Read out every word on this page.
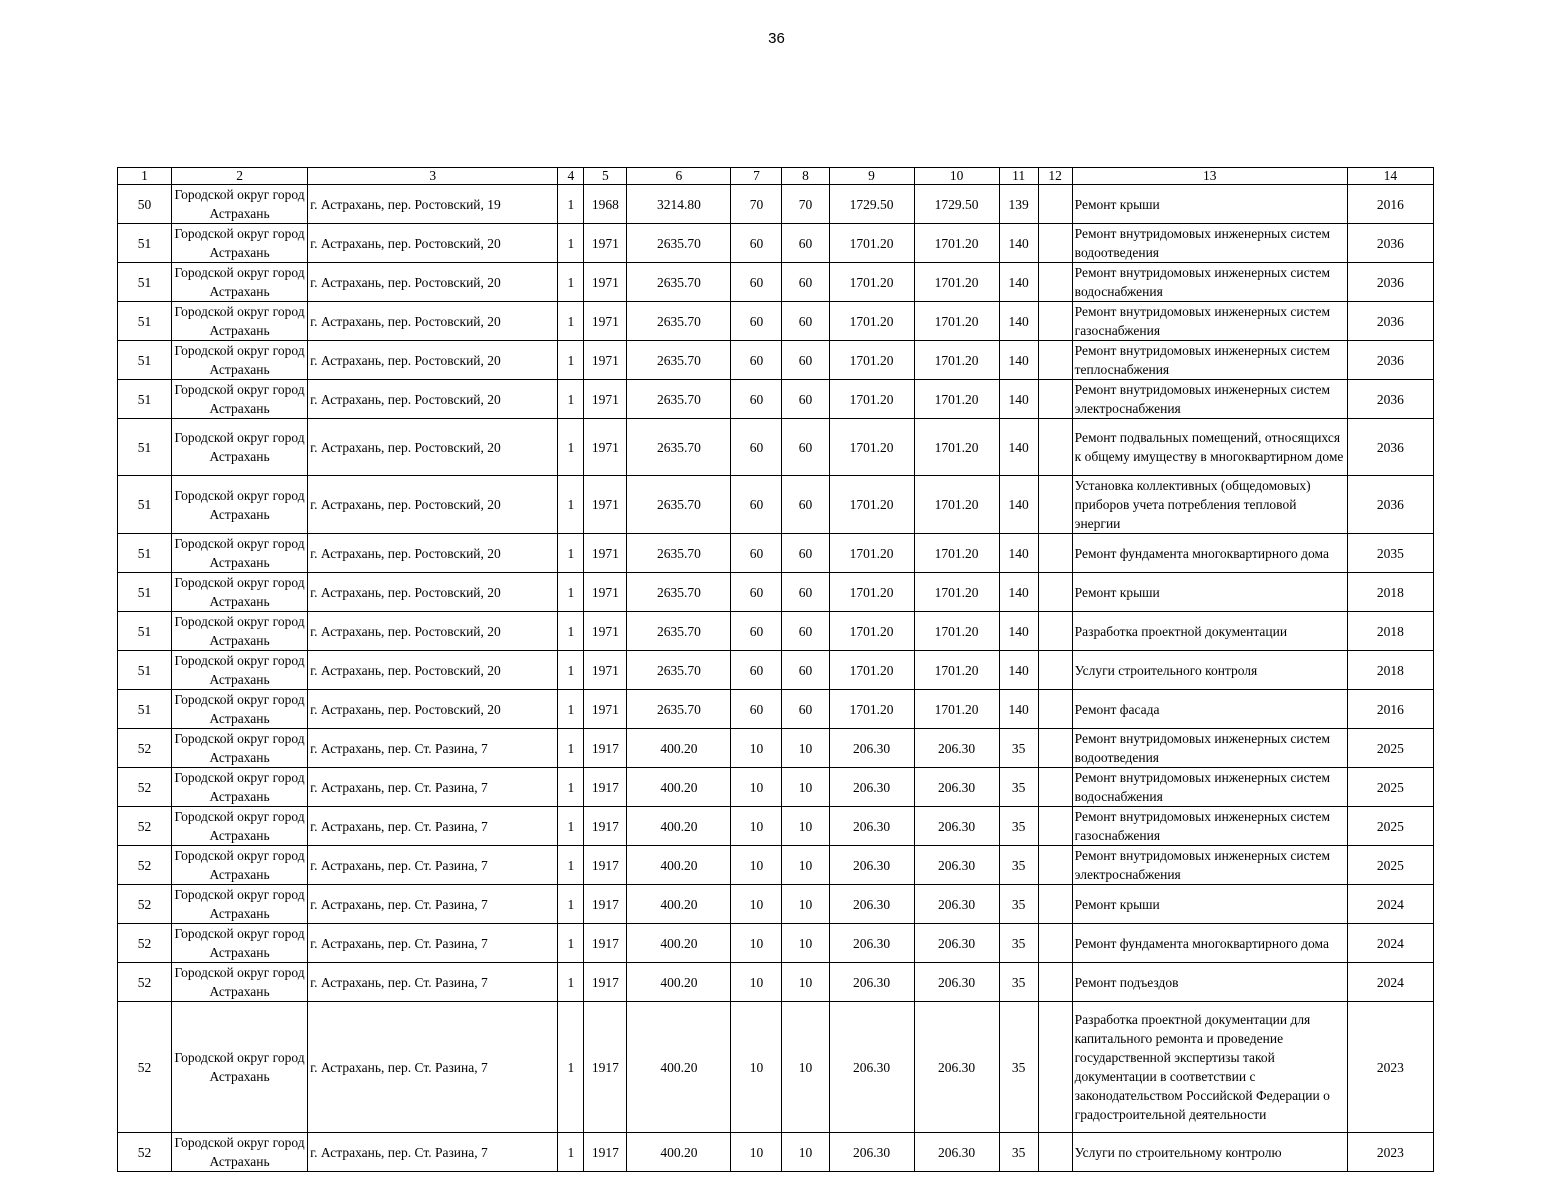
36
1	2	3	4	5	6	7	8	9	10	11	12	13	14
50	Городской округ город Астрахань	г. Астрахань, пер. Ростовский, 19	1	1968	3214.80	70	70	1729.50	1729.50	139		Ремонт крыши	2016
51	Городской округ город Астрахань	г. Астрахань, пер. Ростовский, 20	1	1971	2635.70	60	60	1701.20	1701.20	140		Ремонт внутридомовых инженерных систем водоотведения	2036
51	Городской округ город Астрахань	г. Астрахань, пер. Ростовский, 20	1	1971	2635.70	60	60	1701.20	1701.20	140		Ремонт внутридомовых инженерных систем водоснабжения	2036
51	Городской округ город Астрахань	г. Астрахань, пер. Ростовский, 20	1	1971	2635.70	60	60	1701.20	1701.20	140		Ремонт внутридомовых инженерных систем газоснабжения	2036
51	Городской округ город Астрахань	г. Астрахань, пер. Ростовский, 20	1	1971	2635.70	60	60	1701.20	1701.20	140		Ремонт внутридомовых инженерных систем теплоснабжения	2036
51	Городской округ город Астрахань	г. Астрахань, пер. Ростовский, 20	1	1971	2635.70	60	60	1701.20	1701.20	140		Ремонт внутридомовых инженерных систем электроснабжения	2036
51	Городской округ город Астрахань	г. Астрахань, пер. Ростовский, 20	1	1971	2635.70	60	60	1701.20	1701.20	140		Ремонт подвальных помещений, относящихся к общему имуществу в многоквартирном доме	2036
51	Городской округ город Астрахань	г. Астрахань, пер. Ростовский, 20	1	1971	2635.70	60	60	1701.20	1701.20	140		Установка коллективных (общедомовых) приборов учета потребления тепловой энергии	2036
51	Городской округ город Астрахань	г. Астрахань, пер. Ростовский, 20	1	1971	2635.70	60	60	1701.20	1701.20	140		Ремонт фундамента многоквартирного дома	2035
51	Городской округ город Астрахань	г. Астрахань, пер. Ростовский, 20	1	1971	2635.70	60	60	1701.20	1701.20	140		Ремонт крыши	2018
51	Городской округ город Астрахань	г. Астрахань, пер. Ростовский, 20	1	1971	2635.70	60	60	1701.20	1701.20	140		Разработка проектной документации	2018
51	Городской округ город Астрахань	г. Астрахань, пер. Ростовский, 20	1	1971	2635.70	60	60	1701.20	1701.20	140		Услуги строительного контроля	2018
51	Городской округ город Астрахань	г. Астрахань, пер. Ростовский, 20	1	1971	2635.70	60	60	1701.20	1701.20	140		Ремонт фасада	2016
52	Городской округ город Астрахань	г. Астрахань, пер. Ст. Разина, 7	1	1917	400.20	10	10	206.30	206.30	35		Ремонт внутридомовых инженерных систем водоотведения	2025
52	Городской округ город Астрахань	г. Астрахань, пер. Ст. Разина, 7	1	1917	400.20	10	10	206.30	206.30	35		Ремонт внутридомовых инженерных систем водоснабжения	2025
52	Городской округ город Астрахань	г. Астрахань, пер. Ст. Разина, 7	1	1917	400.20	10	10	206.30	206.30	35		Ремонт внутридомовых инженерных систем газоснабжения	2025
52	Городской округ город Астрахань	г. Астрахань, пер. Ст. Разина, 7	1	1917	400.20	10	10	206.30	206.30	35		Ремонт внутридомовых инженерных систем электроснабжения	2025
52	Городской округ город Астрахань	г. Астрахань, пер. Ст. Разина, 7	1	1917	400.20	10	10	206.30	206.30	35		Ремонт крыши	2024
52	Городской округ город Астрахань	г. Астрахань, пер. Ст. Разина, 7	1	1917	400.20	10	10	206.30	206.30	35		Ремонт фундамента многоквартирного дома	2024
52	Городской округ город Астрахань	г. Астрахань, пер. Ст. Разина, 7	1	1917	400.20	10	10	206.30	206.30	35		Ремонт подъездов	2024
52	Городской округ город Астрахань	г. Астрахань, пер. Ст. Разина, 7	1	1917	400.20	10	10	206.30	206.30	35		Разработка проектной документации для капитального ремонта и проведение государственной экспертизы такой документации в соответствии с законодательством Российской Федерации о градостроительной деятельности	2023
52	Городской округ город Астрахань	г. Астрахань, пер. Ст. Разина, 7	1	1917	400.20	10	10	206.30	206.30	35		Услуги по строительному контролю	2023
